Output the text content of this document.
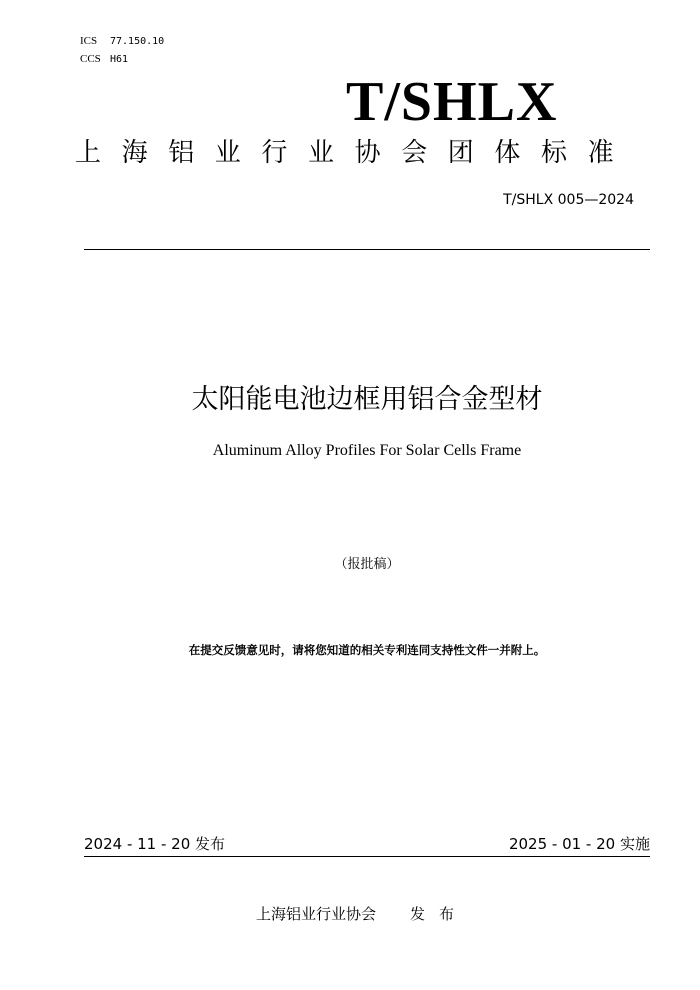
ICS 77.150.10
CCS H61
T/SHLX
上海铝业行业协会团体标准
T/SHLX 005—2024
太阳能电池边框用铝合金型材
Aluminum Alloy Profiles For Solar Cells Frame
（报批稿）
在提交反馈意见时，请将您知道的相关专利连同支持性文件一并附上。
2024 - 11 - 20 发布	2025 - 01 - 20 实施
上海铝业行业协会 发布
